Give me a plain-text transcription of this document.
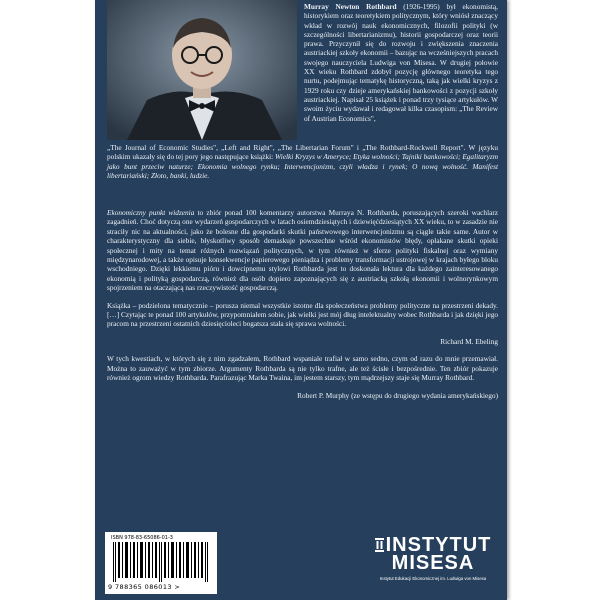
Murray Newton Rothbard (1926-1995) był ekonomistą, historykiem oraz teoretykiem politycznym, który wniósł znaczący wkład w rozwój nauk ekonomicznych, filozofii polityki (w szczególności libertarianizmu), historii gospodarczej oraz teorii prawa. Przyczynił się do rozwoju i zwiększenia znaczenia austriackiej szkoły ekonomii – bazując na wcześniejszych pracach swojego nauczyciela Ludwiga von Misesa. W drugiej połowie XX wieku Rothbard zdobył pozycję głównego teoretyka tego nurtu, podejmując tematykę historyczną, taką jak wielki kryzys z 1929 roku czy dzieje amerykańskiej bankowości z pozycji szkoły austriackiej. Napisał 25 książek i ponad trzy tysiące artykułów. W swoim życiu wydawał i redagował kilka czasopism: „The Review of Austrian Economics",
„The Journal of Economic Studies", „Left and Right", „The Libertarian Forum" i „The Rothbard-Rockwell Report". W języku polskim ukazały się do tej pory jego następujące książki: Wielki Kryzys w Ameryce; Etyka wolności; Tajniki bankowości; Egalitaryzm jako bunt przeciw naturze; Ekonomia wolnego rynku; Interwencjonizm, czyli władza i rynek; O nową wolność. Manifest libertariański; Złoto, banki, ludzie.

Ekonomiczny punkt widzenia to zbiór ponad 100 komentarzy autorstwa Murraya N. Rothbarda, poruszających szeroki wachlarz zagadnień. Choć dotyczą one wydarzeń gospodarczych w latach osiemdziesiątych i dziewięćdziesiątych XX wieku, to w zasadzie nie straciły nic na aktualności, jako że bolesne dla gospodarki skutki państwowego interwencjonizmu są ciągle takie same. Autor w charakterystyczny dla siebie, błyskotliwy sposób demaskuje powszechne wśród ekonomistów błędy, opłakane skutki opieki społecznej i mity na temat różnych rozwiązań politycznych, w tym również w sferze polityki fiskalnej oraz wymiany międzynarodowej, a także opisuje konsekwencje papierowego pieniądza i problemy transformacji ustrojowej w krajach byłego bloku wschodniego. Dzięki lekkiemu pióru i dowcipnemu stylowi Rothbarda jest to doskonała lektura dla każdego zainteresowanego ekonomią i polityką gospodarczą, również dla osób dopiero zapoznających się z austriacką szkołą ekonomii i wolnorynkowym spojrzeniem na otaczającą nas rzeczywistość gospodarczą.

Książka – podzielona tematycznie – porusza niemal wszystkie istotne dla społeczeństwa problemy polityczne na przestrzeni dekady. […] Czytając te ponad 100 artykułów, przypomniałem sobie, jak wielki jest mój dług intelektualny wobec Rothbarda i jak dzięki jego pracom na przestrzeni ostatnich dziesięcioleci bogatsza stała się sprawa wolności.

Richard M. Ebeling

W tych kwestiach, w których się z nim zgadzałem, Rothbard wspaniale trafiał w samo sedno, czym od razu do mnie przemawiał. Można to zauważyć w tym zbiorze. Argumenty Rothbarda są nie tylko trafne, ale też ścisłe i bezpośrednie. Ten zbiór pokazuje również ogrom wiedzy Rothbarda. Parafrazując Marka Twaina, im jestem starszy, tym mądrzejszy staje się Murray Rothbard.

Robert P. Murphy (ze wstępu do drugiego wydania amerykańskiego)

ISBN 978-83-65086-01-3
9 788365 086013 >
INSTYTUT
MISESA
Instytut Edukacji Ekonomicznej im. Ludwiga von Misesa
